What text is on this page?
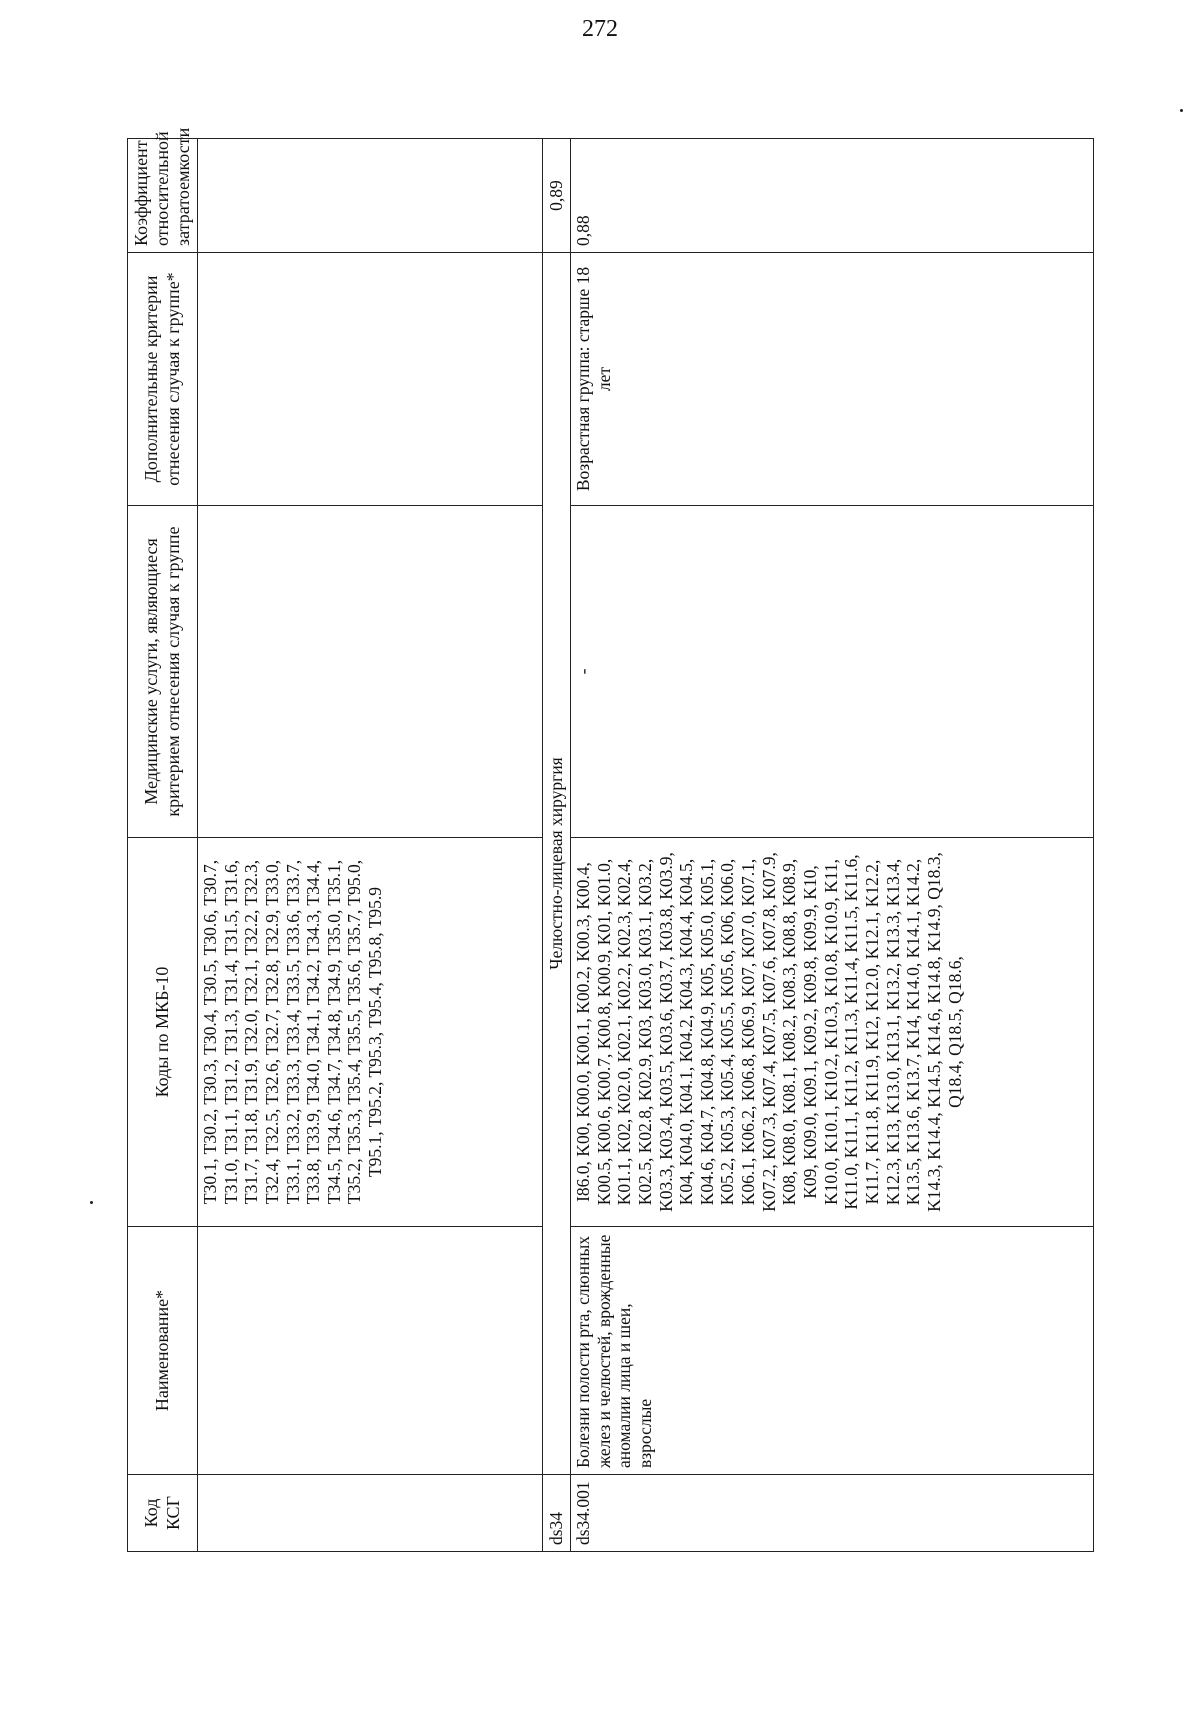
272
Код КСГ	Наименование*	Коды по МКБ-10	Медицинские услуги, являющиеся критерием отнесения случая к группе	Дополнительные критерии отнесения случая к группе*	Коэффициент относительной затратоемкости
		T30.1, T30.2, T30.3, T30.4, T30.5, T30.6, T30.7, T31.0, T31.1, T31.2, T31.3, T31.4, T31.5, T31.6, T31.7, T31.8, T31.9, T32.0, T32.1, T32.2, T32.3, T32.4, T32.5, T32.6, T32.7, T32.8, T32.9, T33.0, T33.1, T33.2, T33.3, T33.4, T33.5, T33.6, T33.7, T33.8, T33.9, T34.0, T34.1, T34.2, T34.3, T34.4, T34.5, T34.6, T34.7, T34.8, T34.9, T35.0, T35.1, T35.2, T35.3, T35.4, T35.5, T35.6, T35.7, T95.0, T95.1, T95.2, T95.3, T95.4, T95.8, T95.9			
ds34	Челюстно-лицевая хирургия				0,89
ds34.001	Болезни полости рта, слюнных желез и челюстей, врожденные аномалии лица и шеи, взрослые	I86.0, K00, K00.0, K00.1, K00.2, K00.3, K00.4, K00.5, K00.6, K00.7, K00.8, K00.9, K01, K01.0, K01.1, K02, K02.0, K02.1, K02.2, K02.3, K02.4, K02.5, K02.8, K02.9, K03, K03.0, K03.1, K03.2, K03.3, K03.4, K03.5, K03.6, K03.7, K03.8, K03.9, K04, K04.0, K04.1, K04.2, K04.3, K04.4, K04.5, K04.6, K04.7, K04.8, K04.9, K05, K05.0, K05.1, K05.2, K05.3, K05.4, K05.5, K05.6, K06, K06.0, K06.1, K06.2, K06.8, K06.9, K07, K07.0, K07.1, K07.2, K07.3, K07.4, K07.5, K07.6, K07.8, K07.9, K08, K08.0, K08.1, K08.2, K08.3, K08.8, K08.9, K09, K09.0, K09.1, K09.2, K09.8, K09.9, K10, K10.0, K10.1, K10.2, K10.3, K10.8, K10.9, K11, K11.0, K11.1, K11.2, K11.3, K11.4, K11.5, K11.6, K11.7, K11.8, K11.9, K12, K12.0, K12.1, K12.2, K12.3, K13, K13.0, K13.1, K13.2, K13.3, K13.4, K13.5, K13.6, K13.7, K14, K14.0, K14.1, K14.2, K14.3, K14.4, K14.5, K14.6, K14.8, K14.9, Q18.3, Q18.4, Q18.5, Q18.6,	-	Возрастная группа: старше 18 лет	0,88
